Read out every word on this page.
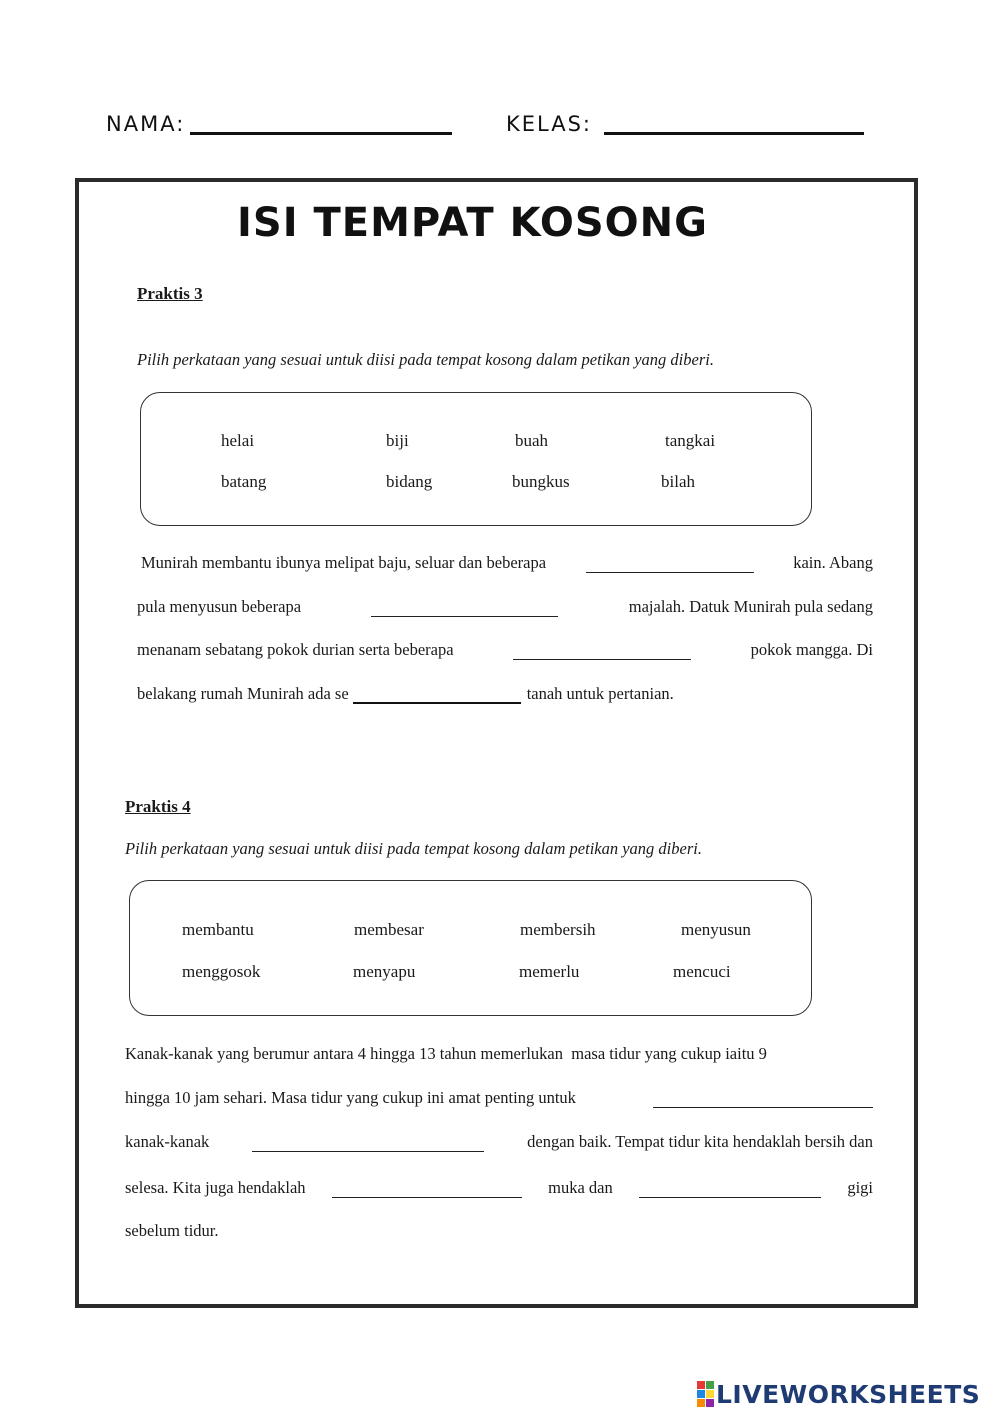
NAMA:	KELAS:
ISI TEMPAT KOSONG
Praktis 3
Pilih perkataan yang sesuai untuk diisi pada tempat kosong dalam petikan yang diberi.
helai	biji	buah	tangkai
batang	bidang	bungkus	bilah
Munirah membantu ibunya melipat baju, seluar dan beberapa	kain. Abang
pula menyusun beberapa	majalah. Datuk Munirah pula sedang
menanam sebatang pokok durian serta beberapa	pokok mangga. Di
belakang rumah Munirah ada se	tanah untuk pertanian.
Praktis 4
Pilih perkataan yang sesuai untuk diisi pada tempat kosong dalam petikan yang diberi.
membantu	membesar	membersih	menyusun
menggosok	menyapu	memerlu	mencuci
Kanak-kanak yang berumur antara 4 hingga 13 tahun memerlukan  masa tidur yang cukup iaitu 9
hingga 10 jam sehari. Masa tidur yang cukup ini amat penting untuk
kanak-kanak	dengan baik. Tempat tidur kita hendaklah bersih dan
selesa. Kita juga hendaklah	muka dan	gigi
sebelum tidur.
LIVEWORKSHEETS
